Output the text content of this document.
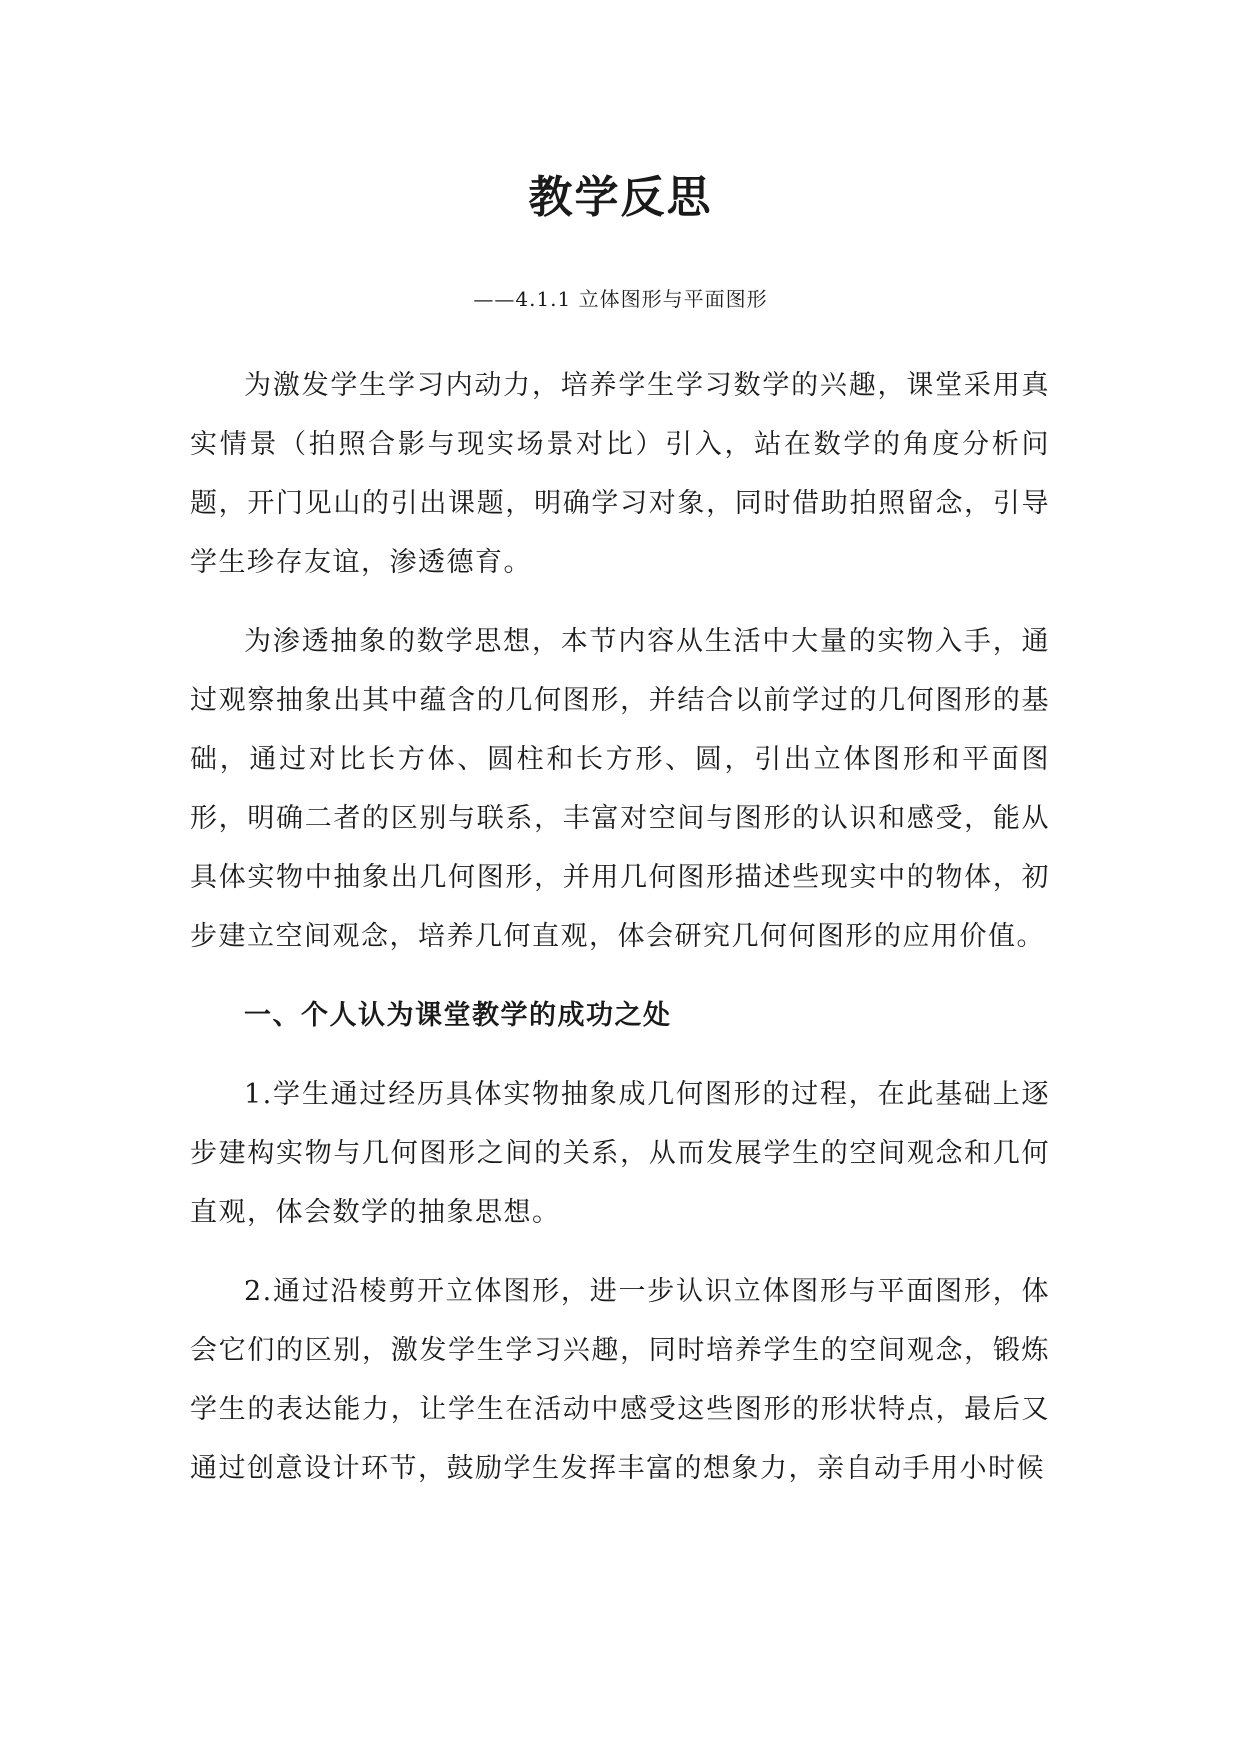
教学反思

——4.1.1 立体图形与平面图形

为激发学生学习内动力，培养学生学习数学的兴趣，课堂采用真实情景（拍照合影与现实场景对比）引入，站在数学的角度分析问题，开门见山的引出课题，明确学习对象，同时借助拍照留念，引导学生珍存友谊，渗透德育。

为渗透抽象的数学思想，本节内容从生活中大量的实物入手，通过观察抽象出其中蕴含的几何图形，并结合以前学过的几何图形的基础，通过对比长方体、圆柱和长方形、圆，引出立体图形和平面图形，明确二者的区别与联系，丰富对空间与图形的认识和感受，能从具体实物中抽象出几何图形，并用几何图形描述些现实中的物体，初步建立空间观念，培养几何直观，体会研究几何何图形的应用价值。

一、个人认为课堂教学的成功之处

1.学生通过经历具体实物抽象成几何图形的过程，在此基础上逐步建构实物与几何图形之间的关系，从而发展学生的空间观念和几何直观，体会数学的抽象思想。

2.通过沿棱剪开立体图形，进一步认识立体图形与平面图形，体会它们的区别，激发学生学习兴趣，同时培养学生的空间观念，锻炼学生的表达能力，让学生在活动中感受这些图形的形状特点，最后又通过创意设计环节，鼓励学生发挥丰富的想象力，亲自动手用小时候
